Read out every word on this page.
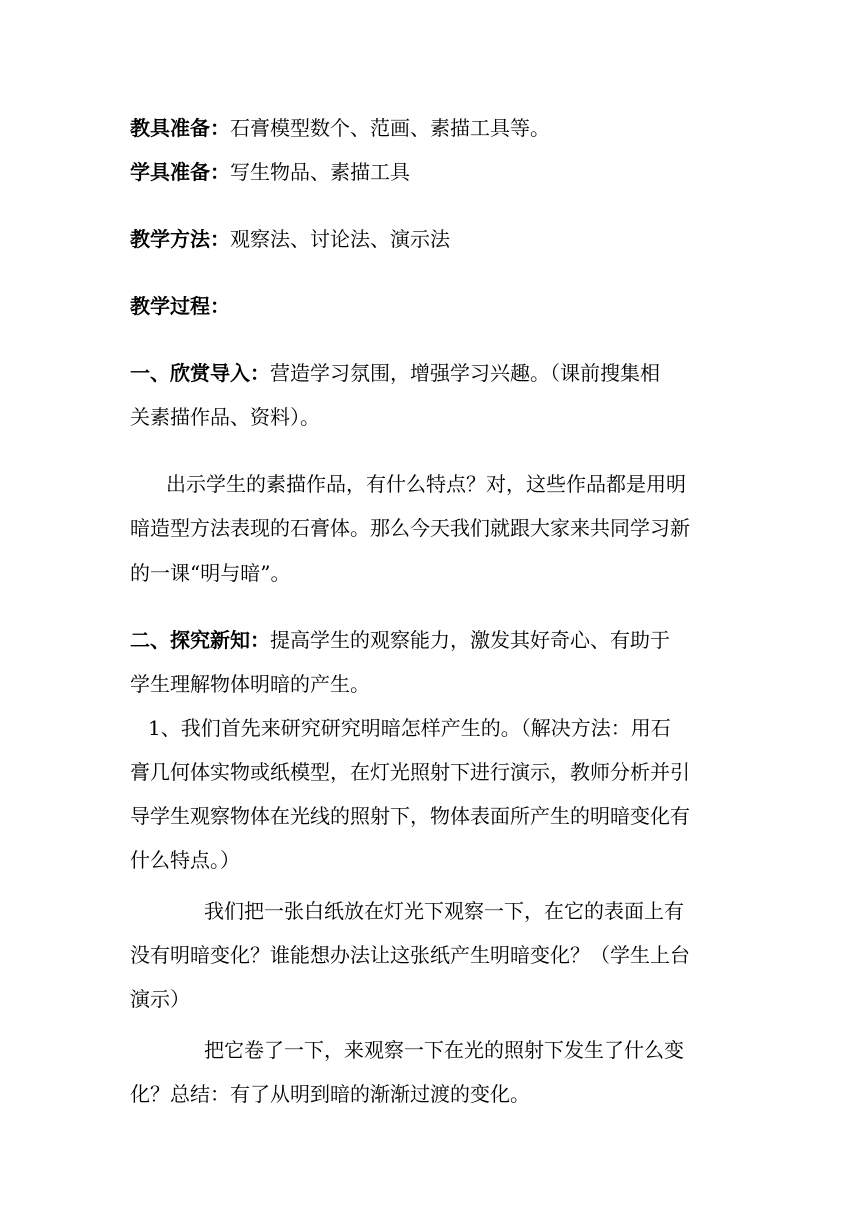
教具准备：石膏模型数个、范画、素描工具等。
学具准备：写生物品、素描工具
教学方法：观察法、讨论法、演示法
教学过程：
一、欣赏导入：营造学习氛围，增强学习兴趣。（课前搜集相
关素描作品、资料）。
出示学生的素描作品，有什么特点？对，这些作品都是用明
暗造型方法表现的石膏体。那么今天我们就跟大家来共同学习新
的一课“明与暗”。
二、探究新知：提高学生的观察能力，激发其好奇心、有助于
学生理解物体明暗的产生。
1、我们首先来研究研究明暗怎样产生的。（解决方法：用石
膏几何体实物或纸模型，在灯光照射下进行演示，教师分析并引
导学生观察物体在光线的照射下，物体表面所产生的明暗变化有
什么特点。）
我们把一张白纸放在灯光下观察一下，在它的表面上有
没有明暗变化？谁能想办法让这张纸产生明暗变化？（学生上台
演示）
把它卷了一下，来观察一下在光的照射下发生了什么变
化？总结：有了从明到暗的渐渐过渡的变化。
